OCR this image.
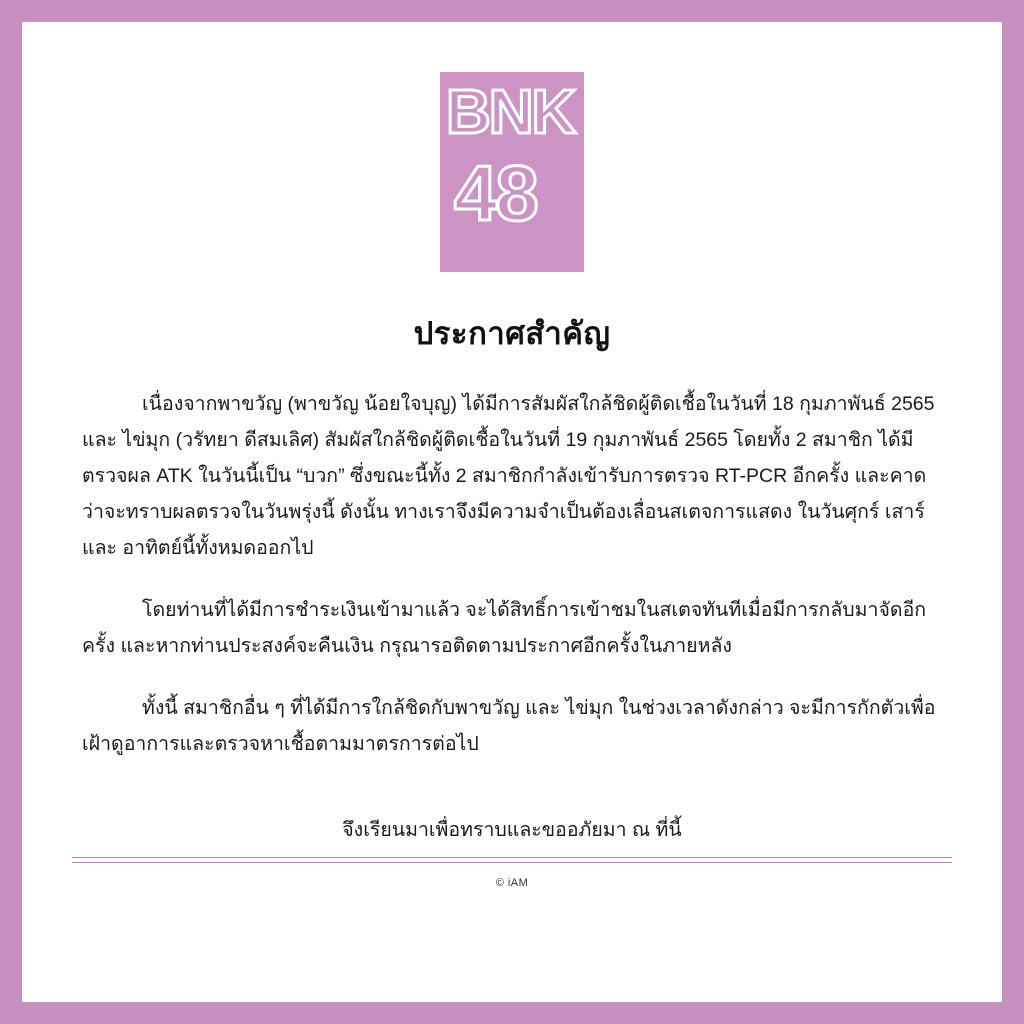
BNK
48
ประกาศสำคัญ

เนื่องจากพาขวัญ (พาขวัญ น้อยใจบุญ) ได้มีการสัมผัสใกล้ชิดผู้ติดเชื้อในวันที่ 18 กุมภาพันธ์ 2565 และ ไข่มุก (วรัทยา ดีสมเลิศ) สัมผัสใกล้ชิดผู้ติดเชื้อในวันที่ 19 กุมภาพันธ์ 2565 โดยทั้ง 2 สมาชิก ได้มีตรวจผล ATK ในวันนี้เป็น “บวก” ซึ่งขณะนี้ทั้ง 2 สมาชิกกำลังเข้ารับการตรวจ RT-PCR อีกครั้ง และคาดว่าจะทราบผลตรวจในวันพรุ่งนี้ ดังนั้น ทางเราจึงมีความจำเป็นต้องเลื่อนสเตจการแสดง ในวันศุกร์ เสาร์ และ อาทิตย์นี้ทั้งหมดออกไป

โดยท่านที่ได้มีการชำระเงินเข้ามาแล้ว จะได้สิทธิ์การเข้าชมในสเตจทันทีเมื่อมีการกลับมาจัดอีกครั้ง และหากท่านประสงค์จะคืนเงิน กรุณารอติดตามประกาศอีกครั้งในภายหลัง

ทั้งนี้ สมาชิกอื่น ๆ ที่ได้มีการใกล้ชิดกับพาขวัญ และ ไข่มุก ในช่วงเวลาดังกล่าว จะมีการกักตัวเพื่อเฝ้าดูอาการและตรวจหาเชื้อตามมาตรการต่อไป

จึงเรียนมาเพื่อทราบและขออภัยมา ณ ที่นี้
© iAM
